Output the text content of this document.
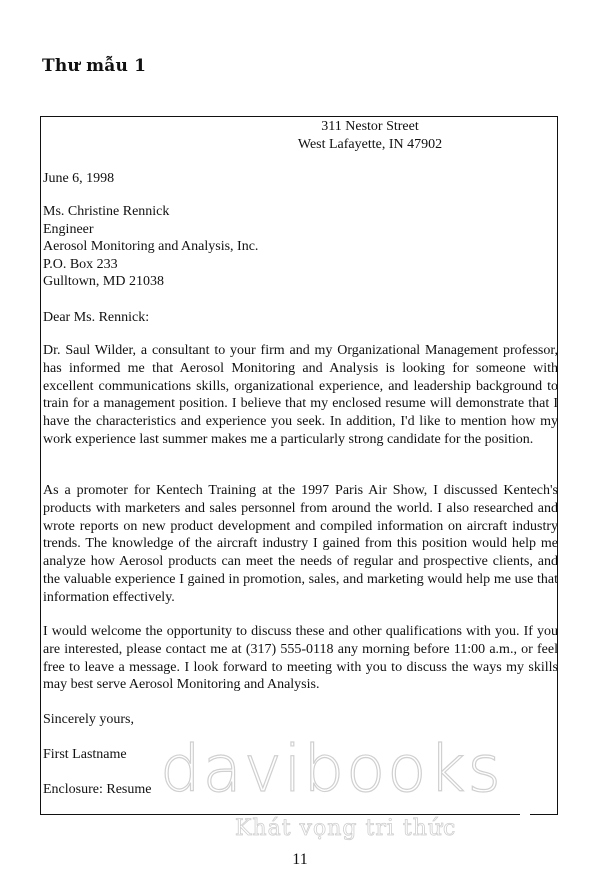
Thư mẫu 1
311 Nestor Street
West Lafayette, IN 47902
June 6, 1998
Ms. Christine Rennick
Engineer
Aerosol Monitoring and Analysis, Inc.
P.O. Box 233
Gulltown, MD 21038
Dear Ms. Rennick:

Dr. Saul Wilder, a consultant to your firm and my Organizational Management professor, has informed me that Aerosol Monitoring and Analysis is looking for someone with excellent communications skills, organizational experience, and leadership background to train for a management position. I believe that my enclosed resume will demonstrate that I have the characteristics and experience you seek. In addition, I'd like to mention how my work experience last summer makes me a particularly strong candidate for the position.

As a promoter for Kentech Training at the 1997 Paris Air Show, I discussed Kentech's products with marketers and sales personnel from around the world. I also researched and wrote reports on new product development and compiled information on aircraft industry trends. The knowledge of the aircraft industry I gained from this position would help me analyze how Aerosol products can meet the needs of regular and prospective clients, and the valuable experience I gained in promotion, sales, and marketing would help me use that information effectively.

I would welcome the opportunity to discuss these and other qualifications with you. If you are interested, please contact me at (317) 555-0118 any morning before 11:00 a.m., or feel free to leave a message. I look forward to meeting with you to discuss the ways my skills may best serve Aerosol Monitoring and Analysis.

Sincerely yours,
First Lastname
Enclosure: Resume davibooks
Khát vọng tri thức
11
